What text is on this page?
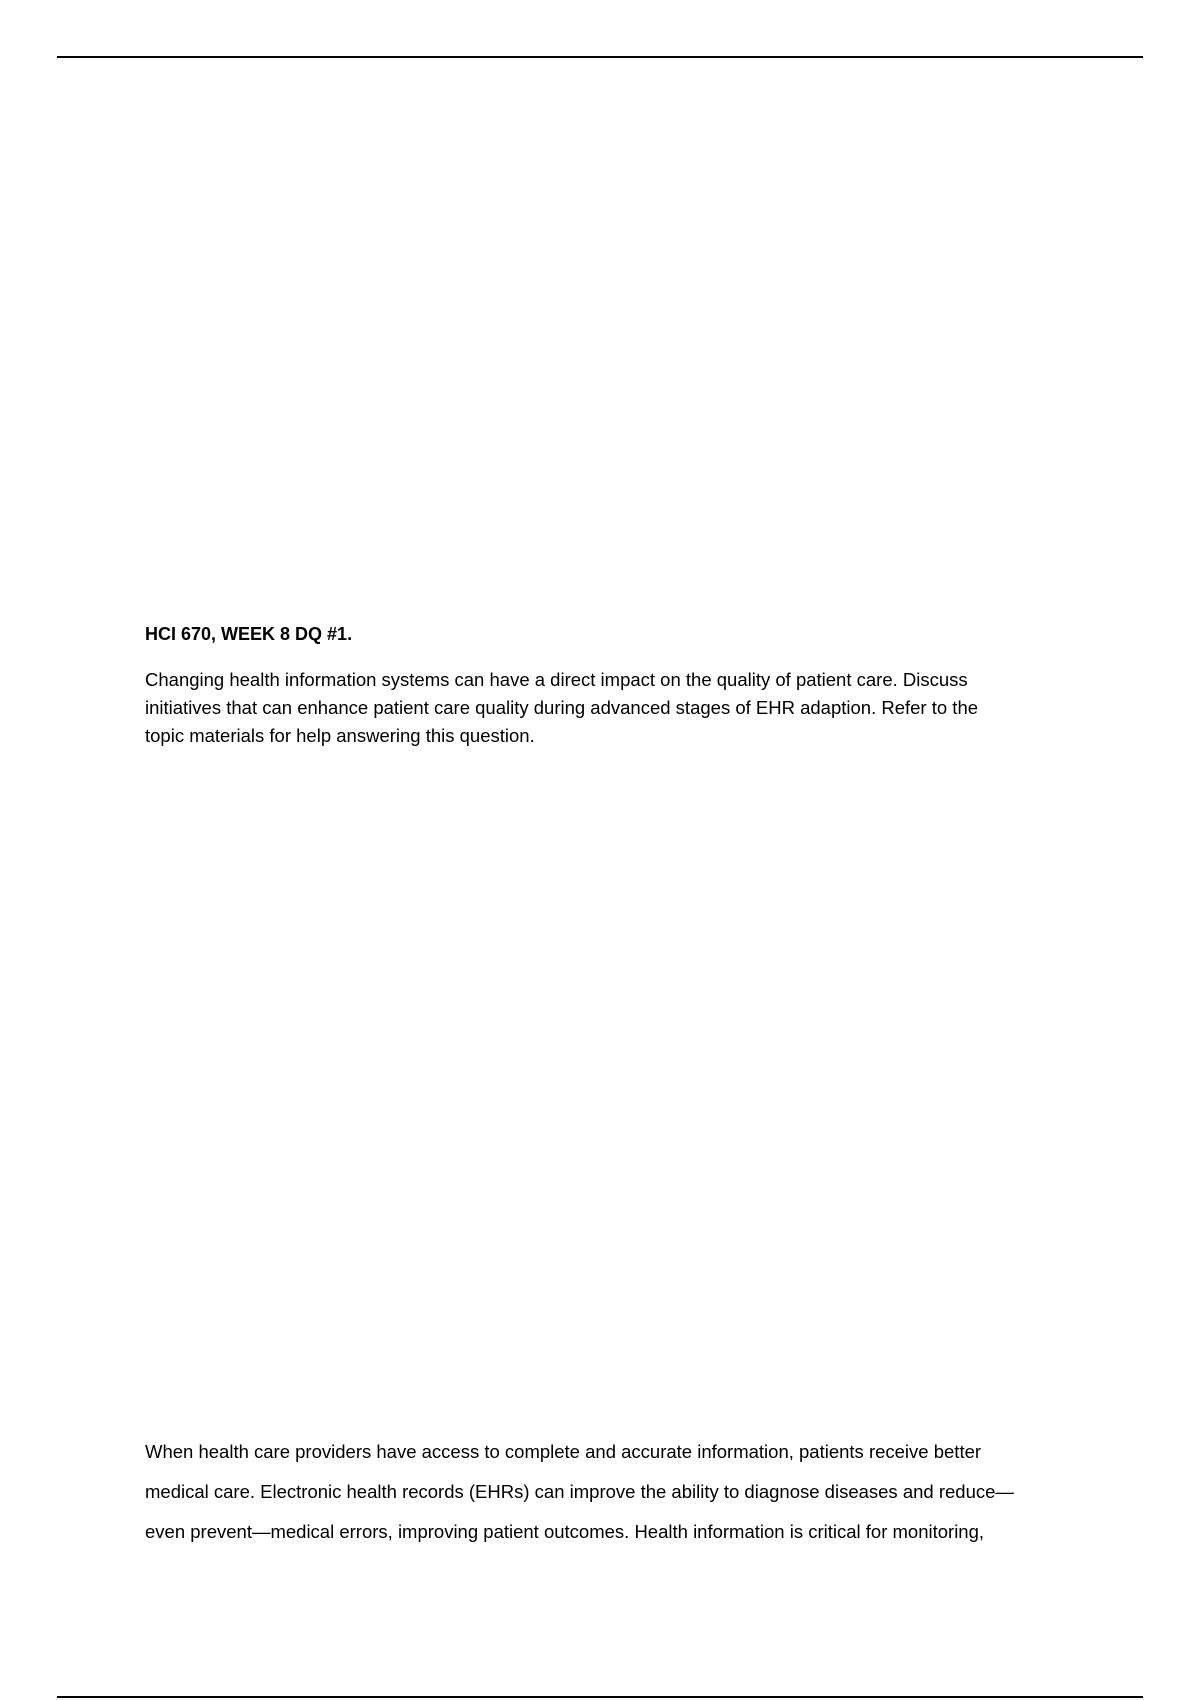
HCI 670, WEEK 8 DQ #1.
Changing health information systems can have a direct impact on the quality of patient care. Discuss
initiatives that can enhance patient care quality during advanced stages of EHR adaption. Refer to the
topic materials for help answering this question.
When health care providers have access to complete and accurate information, patients receive better
medical care. Electronic health records (EHRs) can improve the ability to diagnose diseases and reduce—
even prevent—medical errors, improving patient outcomes. Health information is critical for monitoring,
